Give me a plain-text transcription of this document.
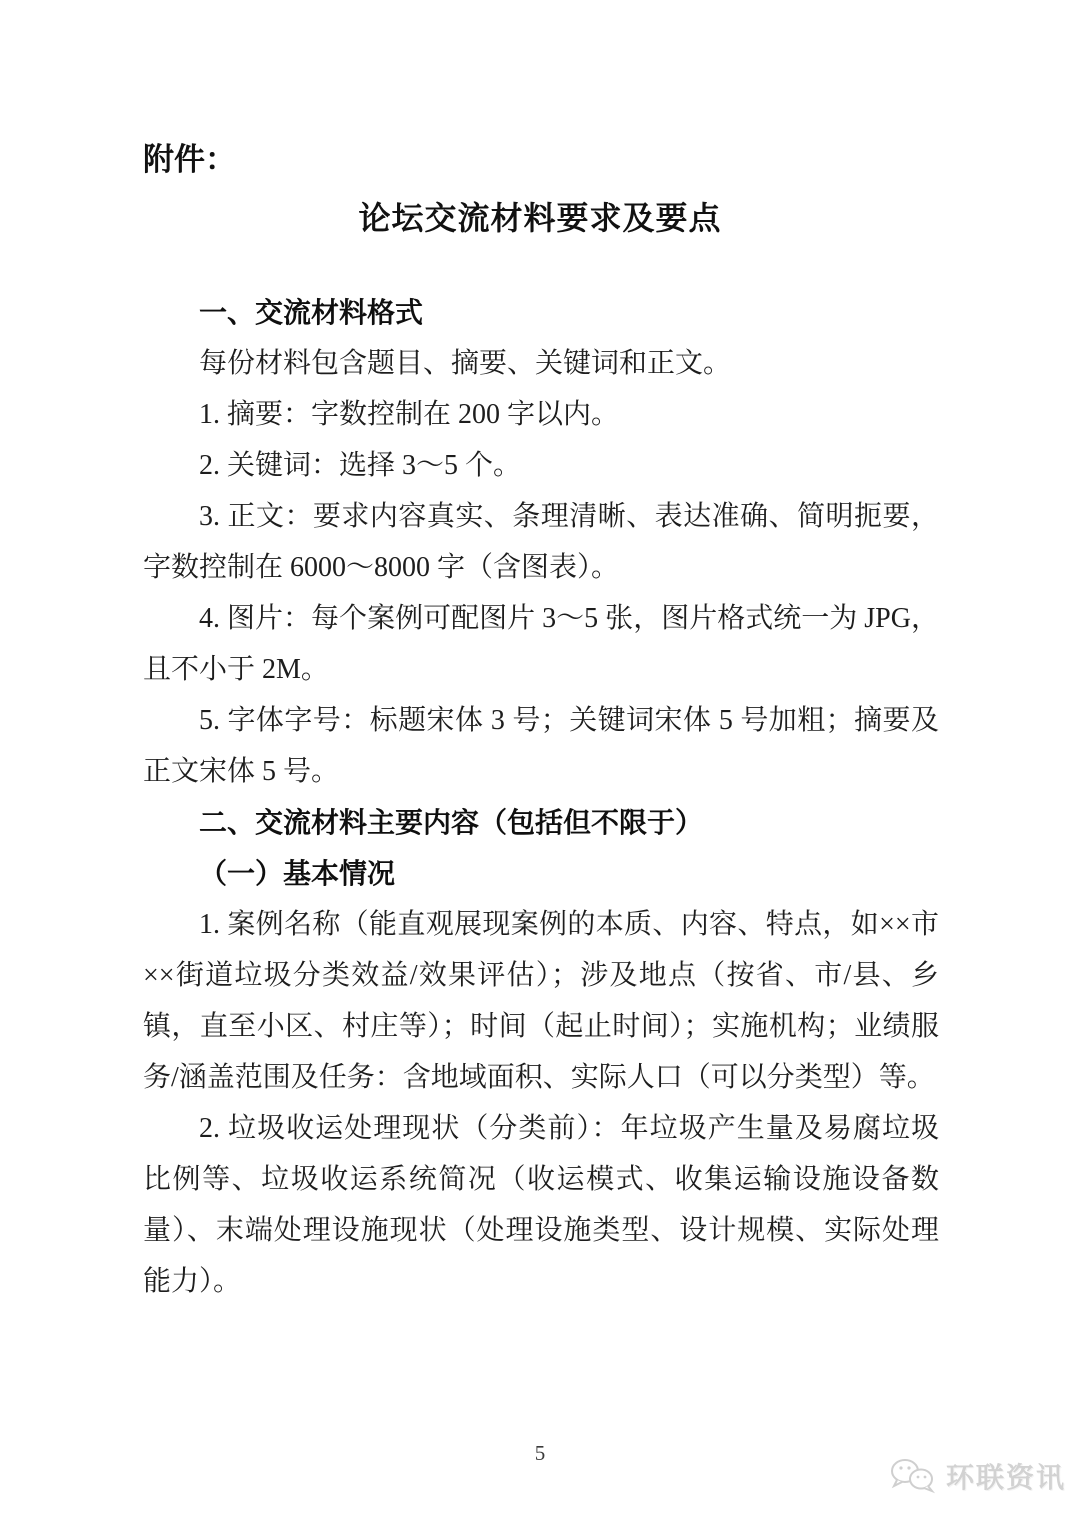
附件：
论坛交流材料要求及要点

一、交流材料格式

每份材料包含题目、摘要、关键词和正文。

1. 摘要：字数控制在 200 字以内。

2. 关键词：选择 3～5 个。

3. 正文：要求内容真实、条理清晰、表达准确、简明扼要，字数控制在 6000～8000 字（含图表）。

4. 图片：每个案例可配图片 3～5 张，图片格式统一为 JPG，且不小于 2M。

5. 字体字号：标题宋体 3 号；关键词宋体 5 号加粗；摘要及正文宋体 5 号。

二、交流材料主要内容（包括但不限于）

（一）基本情况

1. 案例名称（能直观展现案例的本质、内容、特点，如××市××街道垃圾分类效益/效果评估）；涉及地点（按省、市/县、乡镇，直至小区、村庄等）；时间（起止时间）；实施机构；业绩服务/涵盖范围及任务：含地域面积、实际人口（可以分类型）等。

2. 垃圾收运处理现状（分类前）：年垃圾产生量及易腐垃圾比例等、垃圾收运系统简况（收运模式、收集运输设施设备数量）、末端处理设施现状（处理设施类型、设计规模、实际处理能力）。

5
环联资讯
